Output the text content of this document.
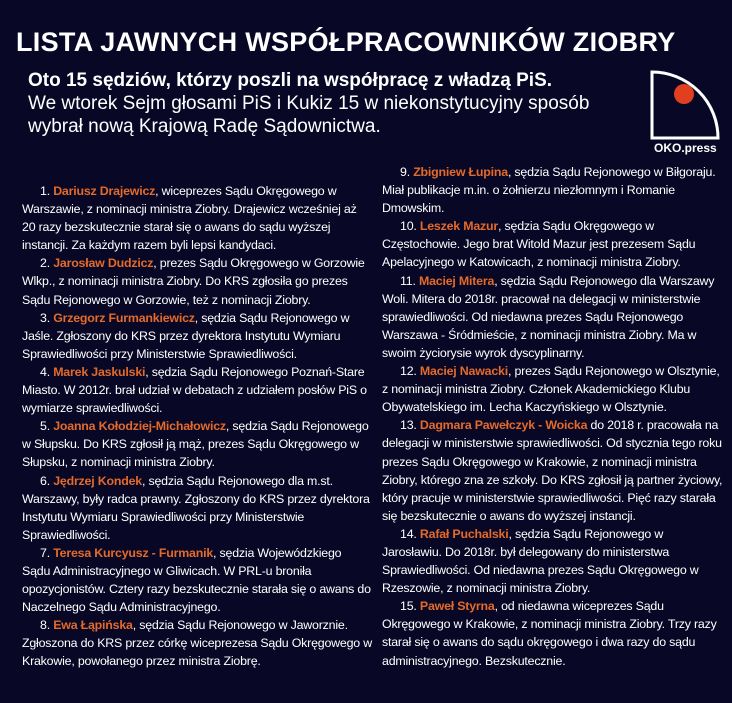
LISTA JAWNYCH WSPÓŁPRACOWNIKÓW ZIOBRY
Oto 15 sędziów, którzy poszli na współpracę z władzą PiS.
We wtorek Sejm głosami PiS i Kukiz 15 w niekonstytucyjny sposób wybrał nową Krajową Radę Sądownictwa.
OKO.press

1. Dariusz Drajewicz, wiceprezes Sądu Okręgowego w Warszawie, z nominacji ministra Ziobry. Drajewicz wcześniej aż 20 razy bezskutecznie starał się o awans do sądu wyższej instancji. Za każdym razem byli lepsi kandydaci.

2. Jarosław Dudzicz, prezes Sądu Okręgowego w Gorzowie Wlkp., z nominacji ministra Ziobry. Do KRS zgłosiła go prezes Sądu Rejonowego w Gorzowie, też z nominacji Ziobry.

3. Grzegorz Furmankiewicz, sędzia Sądu Rejonowego w Jaśle. Zgłoszony do KRS przez dyrektora Instytutu Wymiaru Sprawiedliwości przy Ministerstwie Sprawiedliwości.

4. Marek Jaskulski, sędzia Sądu Rejonowego Poznań-Stare Miasto. W 2012r. brał udział w debatach z udziałem posłów PiS o wymiarze sprawiedliwości.

5. Joanna Kołodziej-Michałowicz, sędzia Sądu Rejonowego w Słupsku. Do KRS zgłosił ją mąż, prezes Sądu Okręgowego w Słupsku, z nominacji ministra Ziobry.

6. Jędrzej Kondek, sędzia Sądu Rejonowego dla m.st. Warszawy, były radca prawny. Zgłoszony do KRS przez dyrektora Instytutu Wymiaru Sprawiedliwości przy Ministerstwie Sprawiedliwości.

7. Teresa Kurcyusz - Furmanik, sędzia Wojewódzkiego Sądu Administracyjnego w Gliwicach. W PRL-u broniła opozycjonistów. Cztery razy bezskutecznie starała się o awans do Naczelnego Sądu Administracyjnego.

8. Ewa Łąpińska, sędzia Sądu Rejonowego w Jaworznie. Zgłoszona do KRS przez córkę wiceprezesa Sądu Okręgowego w Krakowie, powołanego przez ministra Ziobrę.

9. Zbigniew Łupina, sędzia Sądu Rejonowego w Biłgoraju. Miał publikacje m.in. o żołnierzu niezłomnym i Romanie Dmowskim.

10. Leszek Mazur, sędzia Sądu Okręgowego w Częstochowie. Jego brat Witold Mazur jest prezesem Sądu Apelacyjnego w Katowicach, z nominacji ministra Ziobry.

11. Maciej Mitera, sędzia Sądu Rejonowego dla Warszawy Woli. Mitera do 2018r. pracował na delegacji w ministerstwie sprawiedliwości. Od niedawna prezes Sądu Rejonowego Warszawa - Śródmieście, z nominacji ministra Ziobry. Ma w swoim życiorysie wyrok dyscyplinarny.

12. Maciej Nawacki, prezes Sądu Rejonowego w Olsztynie, z nominacji ministra Ziobry. Członek Akademickiego Klubu Obywatelskiego im. Lecha Kaczyńskiego w Olsztynie.

13. Dagmara Pawełczyk - Woicka do 2018 r. pracowała na delegacji w ministerstwie sprawiedliwości. Od stycznia tego roku prezes Sądu Okręgowego w Krakowie, z nominacji ministra Ziobry, którego zna ze szkoły. Do KRS zgłosił ją partner życiowy, który pracuje w ministerstwie sprawiedliwości. Pięć razy starała się bezskutecznie o awans do wyższej instancji.

14. Rafał Puchalski, sędzia Sądu Rejonowego w Jarosławiu. Do 2018r. był delegowany do ministerstwa Sprawiedliwości. Od niedawna prezes Sądu Okręgowego w Rzeszowie, z nominacji ministra Ziobry.

15. Paweł Styrna, od niedawna wiceprezes Sądu Okręgowego w Krakowie, z nominacji ministra Ziobry. Trzy razy starał się o awans do sądu okręgowego i dwa razy do sądu administracyjnego. Bezskutecznie.
